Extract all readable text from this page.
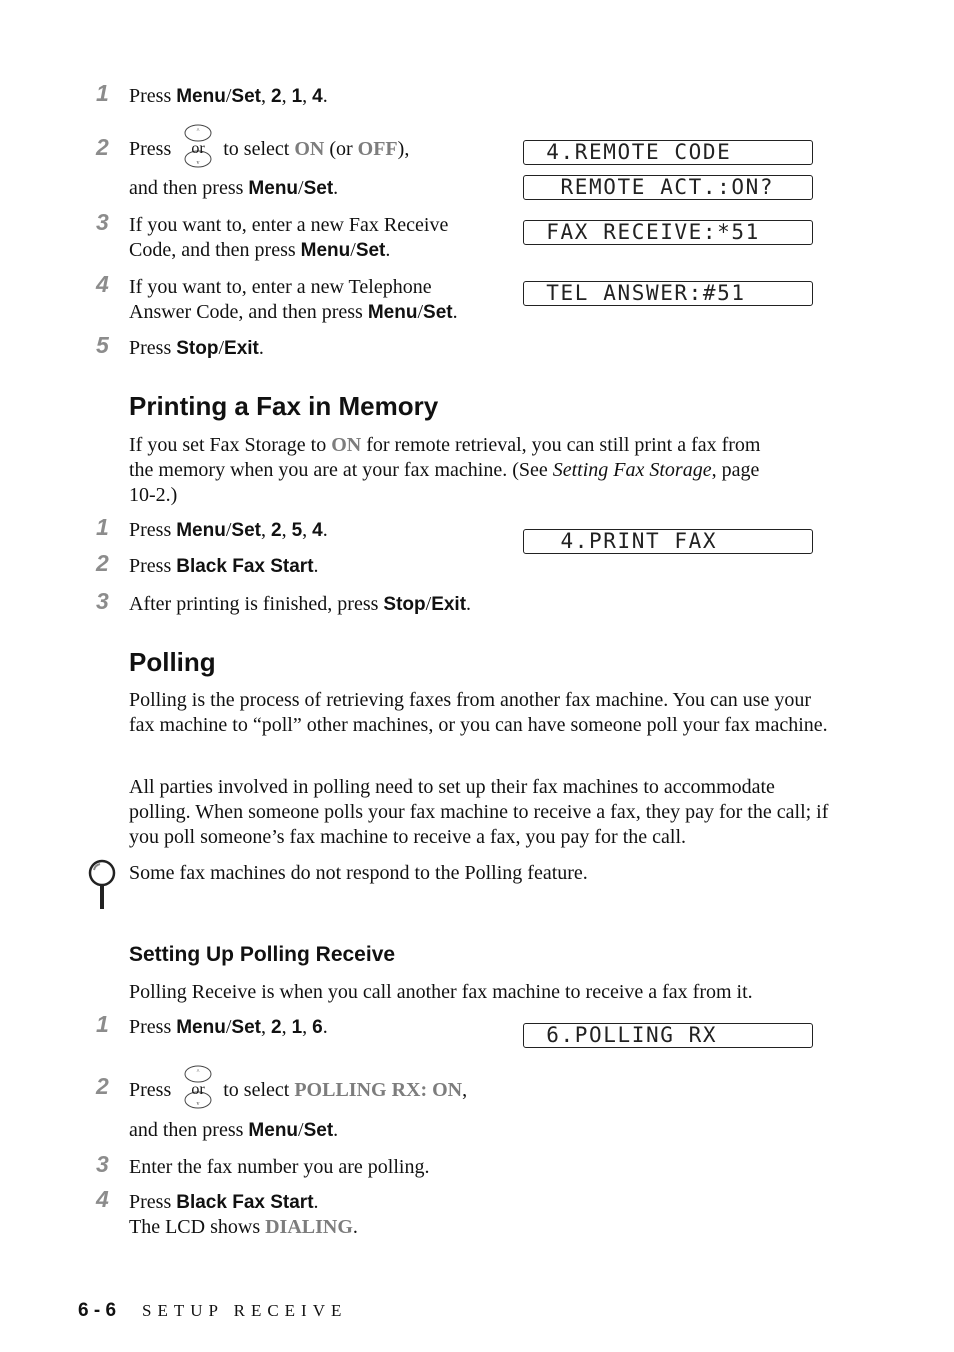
1 Press Menu/Set, 2, 1, 4.
2 Press or
^
v
to select ON (or OFF),
and then press Menu/Set.
3 If you want to, enter a new Fax Receive
Code, and then press Menu/Set.
4 If you want to, enter a new Telephone
Answer Code, and then press Menu/Set.
5 Press Stop/Exit.
4.REMOTE CODE
REMOTE ACT.:ON?
FAX RECEIVE:*51
TEL ANSWER:#51
Printing a Fax in Memory
If you set Fax Storage to ON for remote retrieval, you can still print a fax from
the memory when you are at your fax machine. (See Setting Fax Storage, page
10-2.)
1 Press Menu/Set, 2, 5, 4.	4.PRINT FAX
2 Press Black Fax Start.
3 After printing is finished, press Stop/Exit.
Polling
Polling is the process of retrieving faxes from another fax machine. You can use your fax machine to “poll” other machines, or you can have someone poll your fax machine.
All parties involved in polling need to set up their fax machines to accommodate polling. When someone polls your fax machine to receive a fax, they pay for the call; if you poll someone’s fax machine to receive a fax, you pay for the call.
Some fax machines do not respond to the Polling feature.
Setting Up Polling Receive
Polling Receive is when you call another fax machine to receive a fax from it.
1 Press Menu/Set, 2, 1, 6.	6.POLLING RX
2 Press or
^
v
to select POLLING RX: ON,
and then press Menu/Set.
3 Enter the fax number you are polling.
4 Press Black Fax Start.
The LCD shows DIALING.
6 - 6 SETUP RECEIVE
